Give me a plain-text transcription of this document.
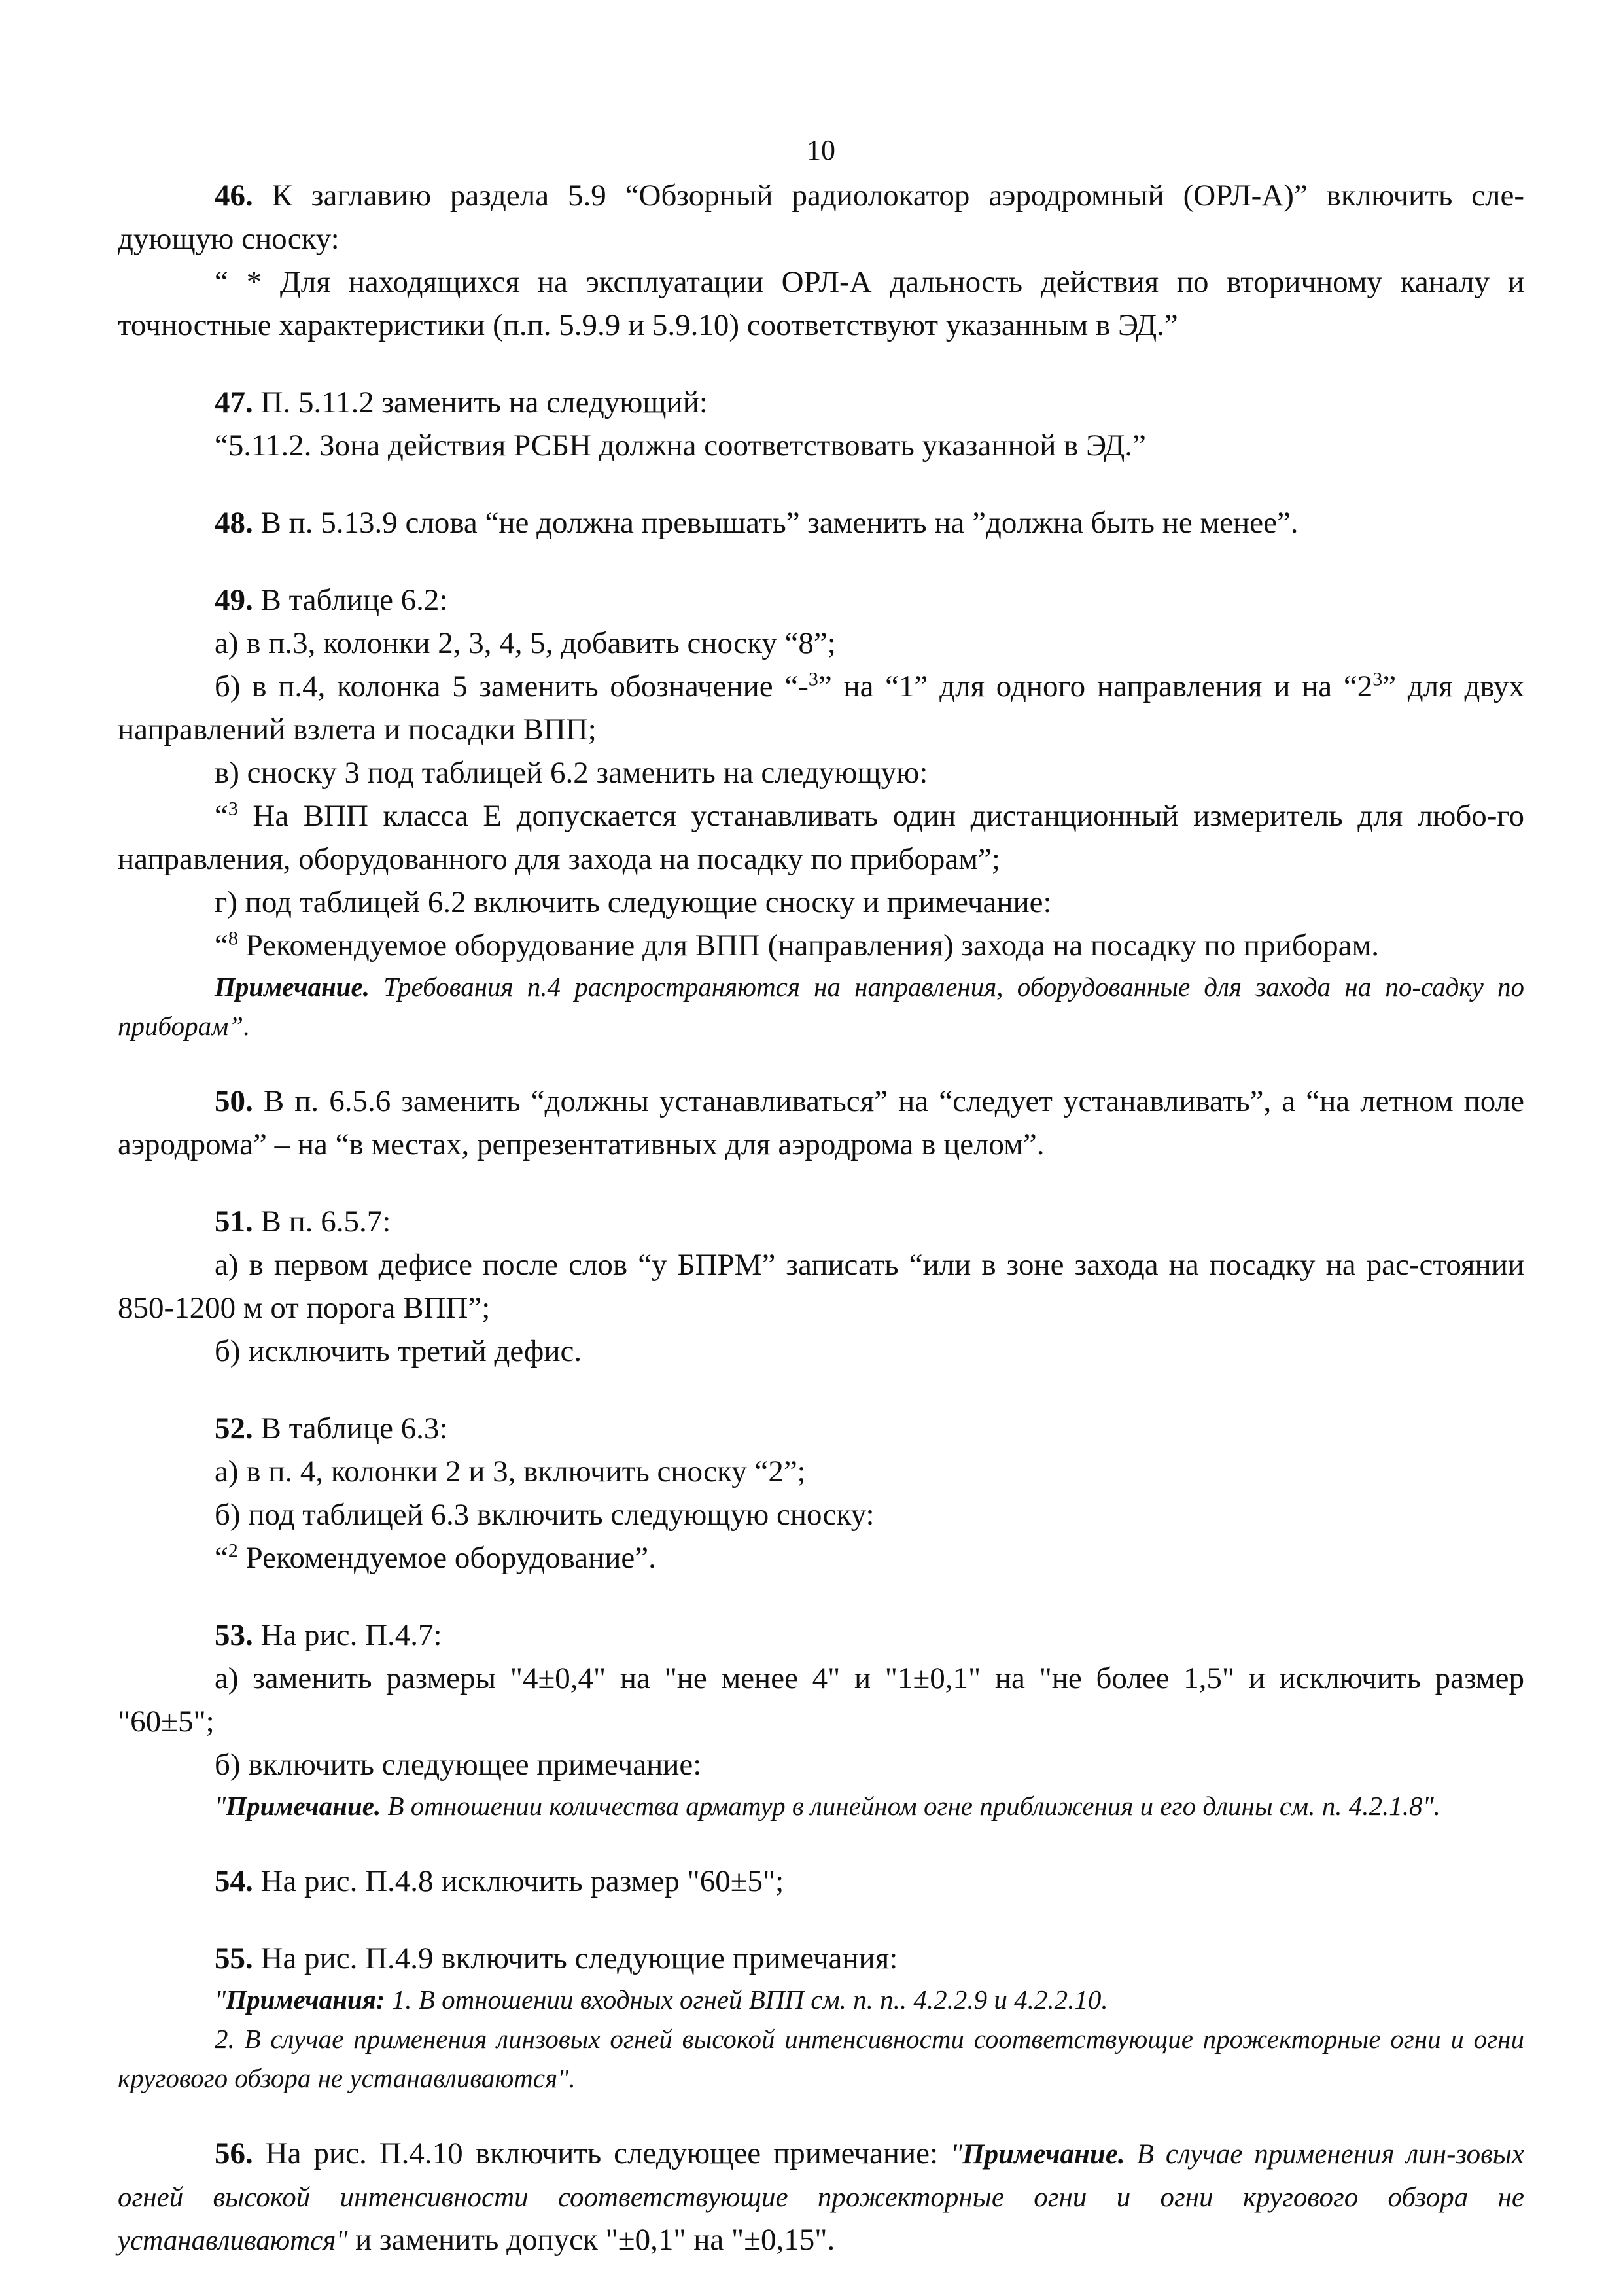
10

46. К заглавию раздела 5.9 “Обзорный радиолокатор аэродромный (ОРЛ-А)” включить сле-дующую сноску:

“ * Для находящихся на эксплуатации ОРЛ-А дальность действия по вторичному каналу и точностные характеристики (п.п. 5.9.9 и 5.9.10) соответствуют указанным в ЭД.”

47. П. 5.11.2 заменить на следующий:

“5.11.2. Зона действия РСБН должна соответствовать указанной в ЭД.”

48. В п. 5.13.9 слова “не должна превышать” заменить на ”должна быть не менее”.

49. В таблице 6.2:

а) в п.3, колонки 2, 3, 4, 5, добавить сноску “8”;

б) в п.4, колонка 5 заменить обозначение “-$^3$” на “1” для одного направления и на “$2^3$” для двух направлений взлета и посадки ВПП;

в) сноску 3 под таблицей 6.2 заменить на следующую:

“$^3$ На ВПП класса Е допускается устанавливать один дистанционный измеритель для любо-го направления, оборудованного для захода на посадку по приборам”;

г) под таблицей 6.2 включить следующие сноску и примечание:

“$^8$ Рекомендуемое оборудование для ВПП (направления) захода на посадку по приборам.

Примечание. Требования п.4 распространяются на направления, оборудованные для захода на по-садку по приборам”.

50. В п. 6.5.6 заменить “должны устанавливаться” на “следует устанавливать”, а “на летном поле аэродрома” – на “в местах, репрезентативных для аэродрома в целом”.

51. В п. 6.5.7:

а) в первом дефисе после слов “у БПРМ” записать “или в зоне захода на посадку на рас-стоянии 850-1200 м от порога ВПП”;

б) исключить третий дефис.

52. В таблице 6.3:

а) в п. 4, колонки 2 и 3, включить сноску “2”;

б) под таблицей 6.3 включить следующую сноску:

“$^2$ Рекомендуемое оборудование”.

53. На рис. П.4.7:

а) заменить размеры "4±0,4" на "не менее 4" и "1±0,1" на "не более 1,5" и исключить размер "60±5";

б) включить следующее примечание:

"Примечание. В отношении количества арматур в линейном огне приближения и его длины см. п. 4.2.1.8".

54. На рис. П.4.8 исключить размер "60±5";

55. На рис. П.4.9 включить следующие примечания:

"Примечания: 1. В отношении входных огней ВПП см. п. п.. 4.2.2.9 и 4.2.2.10.

2. В случае применения линзовых огней высокой интенсивности соответствующие прожекторные огни и огни кругового обзора не устанавливаются".

56. На рис. П.4.10 включить следующее примечание: "Примечание. В случае применения лин-зовых огней высокой интенсивности соответствующие прожекторные огни и огни кругового обзора не устанавливаются" и заменить допуск "±0,1" на "±0,15".
